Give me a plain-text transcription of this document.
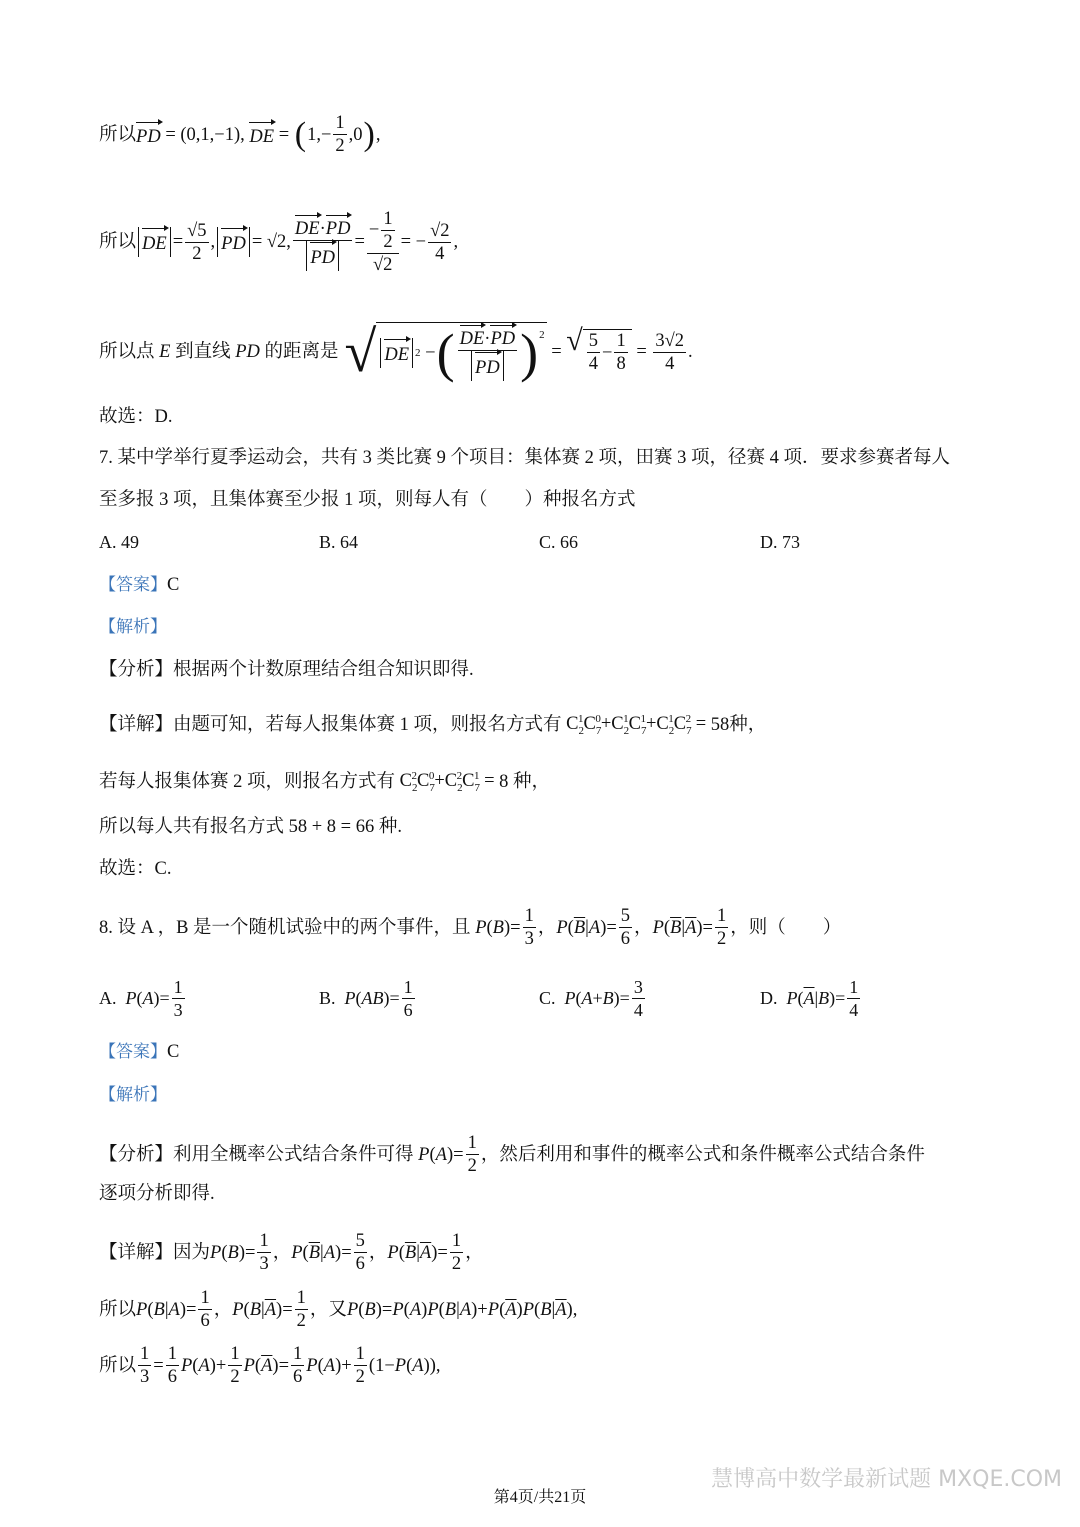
所以 PD = (0,1,−1), DE = ( $1,- \frac{1}{2} ,0$ ) ,
所以 DE = $\frac{√5}{2}$ , PD = √2, $\frac{DE\cdot PD}{PD} = \frac{- \frac{1}{2}}{√2}$ = − $\frac{√2}{4}$ ,
所以点 E 到直线 PD 的距离是 √ DE 2 − ( $\frac{DE\cdot PD}{PD} )^2$
= √ $\frac{5}{4} - \frac{1}{8} = \frac{3√2}{4}$ .
故选：D.
7. 某中学举行夏季运动会，共有 3 类比赛 9 个项目：集体赛 2 项，田赛 3 项，径赛 4 项．要求参赛者每人
至多报 3 项，且集体赛至少报 1 项，则每人有（　　）种报名方式
A. 49	B. 64	C. 66	D. 73
【答案】 C
【解析】
【分析】 根据两个计数原理结合组合知识即得.
【详解】 由题可知，若每人报集体赛 1 项，则报名方式有 $C_2^1C_7^0+C_2^1C_7^1+C_2^1C_7^2 = 58$种，
若每人报集体赛 2 项，则报名方式有 $C_2^2C_7^0+C_2^2C_7^1 = 8$ 种，
所以每人共有报名方式 58 + 8 = 66 种.
故选：C.
8. 设 A ，B 是一个随机试验中的两个事件，且 P ( B )= $\frac{1}{3}$ ， P ( $\overline{B}$ | A )= $\frac{5}{6}$ ， P ( $\overline{B}$ | $\overline{A}$ )= $\frac{1}{2}$ ，则（　　）
A.
P ( A )= $\frac{1}{3}$	B.
P ( AB )= $\frac{1}{6}$	C.
P ( A + B )= $\frac{3}{4}$	D.
P ( $\overline{A}$ | B )= $\frac{1}{4}$
【答案】 C
【解析】
【分析】 利用全概率公式结合条件可得 P ( A )= $\frac{1}{2}$ ，然后利用和事件的概率公式和条件概率公式结合条件
逐项分析即得.
【详解】 因为 P ( B )= $\frac{1}{3}$ ， P ( $\overline{B}$ | A )= $\frac{5}{6}$ ， P ( $\overline{B}$ | $\overline{A}$ )= $\frac{1}{2}$ ，
所以 P ( B | A )= $\frac{1}{6}$ ， P ( B | $\overline{A}$ )= $\frac{1}{2}$ ， 又 P ( B )= P ( A ) P ( B | A )+ P ( $\overline{A}$ ) P ( B | $\overline{A}$ ),
所以 $\frac{1}{3} = \frac{1}{6}$ P ( A )+ $\frac{1}{2}$ P ( $\overline{A}$ )= $\frac{1}{6}$ P ( A )+ $\frac{1}{2} (1- P$ ( A )),
慧博高中数学最新试题 MXQE.COM
第4页/共21页
